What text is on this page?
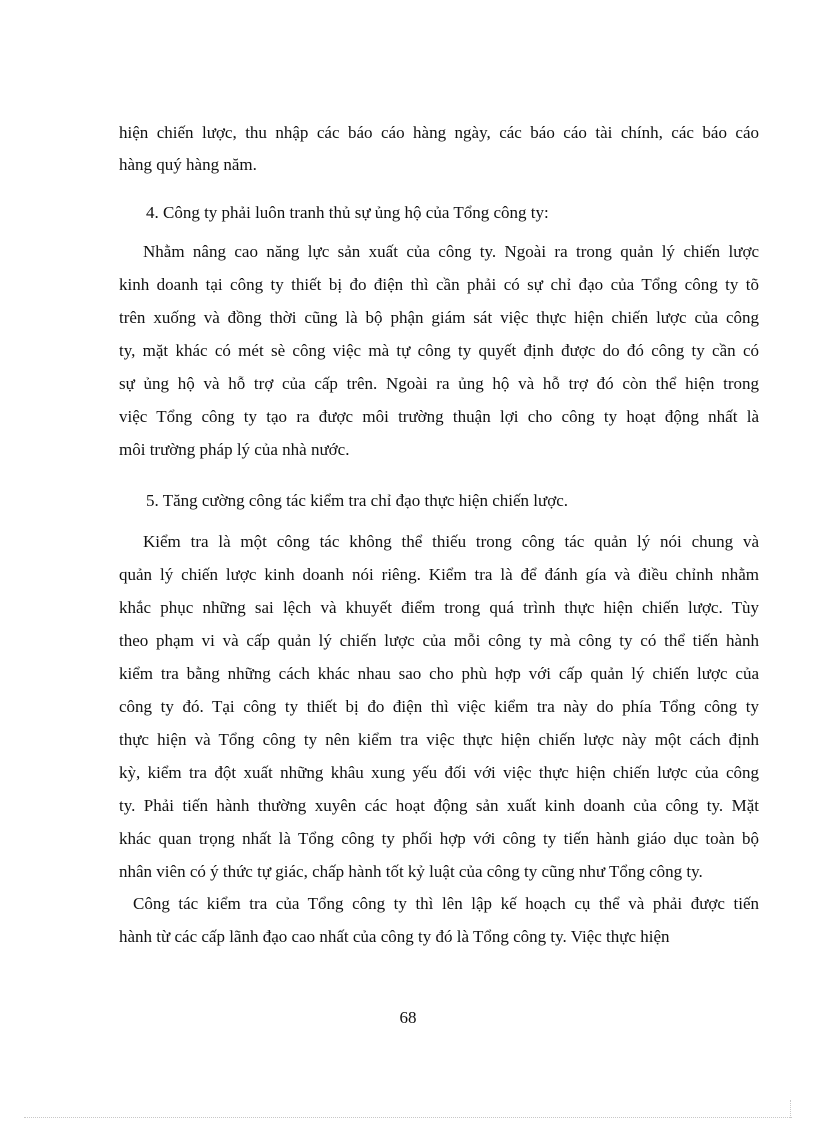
hiện chiến lược, thu nhập các báo cáo hàng ngày, các báo cáo tài chính, các báo cáo

hàng quý hàng năm.

4. Công ty phải luôn tranh thủ sự ủng hộ của Tổng công ty:

Nhằm nâng cao năng lực sản xuất của công ty. Ngoài ra trong quản lý chiến lược

kinh doanh tại công ty thiết bị đo điện thì cần phải có sự chỉ đạo của Tổng công ty tõ

trên xuống và đồng thời cũng là bộ phận giám sát việc thực hiện chiến lược của công

ty, mặt khác có mét sè công việc mà tự công ty quyết định được do đó công ty cần có

sự ủng hộ và hỗ trợ của cấp trên. Ngoài ra ủng hộ và hỗ trợ đó còn thể hiện trong

việc Tổng công ty tạo ra được môi trường thuận lợi cho công ty hoạt động nhất là

môi trường pháp lý của nhà nước.

5. Tăng cường công tác kiểm tra chỉ đạo thực hiện chiến lược.

Kiểm tra là một công tác không thể thiếu trong công tác quản lý nói chung và

quản lý chiến lược kinh doanh nói riêng. Kiểm tra là để đánh gía và điều chỉnh nhằm

khắc phục những sai lệch và khuyết điểm trong quá trình thực hiện chiến lược. Tùy

theo phạm vi và cấp quản lý chiến lược của mỗi công ty mà công ty có thể tiến hành

kiểm tra bằng những cách khác nhau sao cho phù hợp với cấp quản lý chiến lược của

công ty đó. Tại công ty thiết bị đo điện thì việc kiểm tra này do phía Tổng công ty

thực hiện và Tổng công ty nên kiểm tra việc thực hiện chiến lược này một cách định

kỳ, kiểm tra đột xuất những khâu xung yếu đối với việc thực hiện chiến lược của công

ty. Phải tiến hành thường xuyên các hoạt động sản xuất kinh doanh của công ty. Mặt

khác quan trọng nhất là Tổng công ty phối hợp với công ty tiến hành giáo dục toàn bộ

nhân viên có ý thức tự giác, chấp hành tốt kỷ luật của công ty cũng như Tổng công ty.

Công tác kiểm tra của Tổng công ty thì lên lập kế hoạch cụ thể và phải được tiến

hành từ các cấp lãnh đạo cao nhất của công ty đó là Tổng công ty. Việc thực hiện

68
